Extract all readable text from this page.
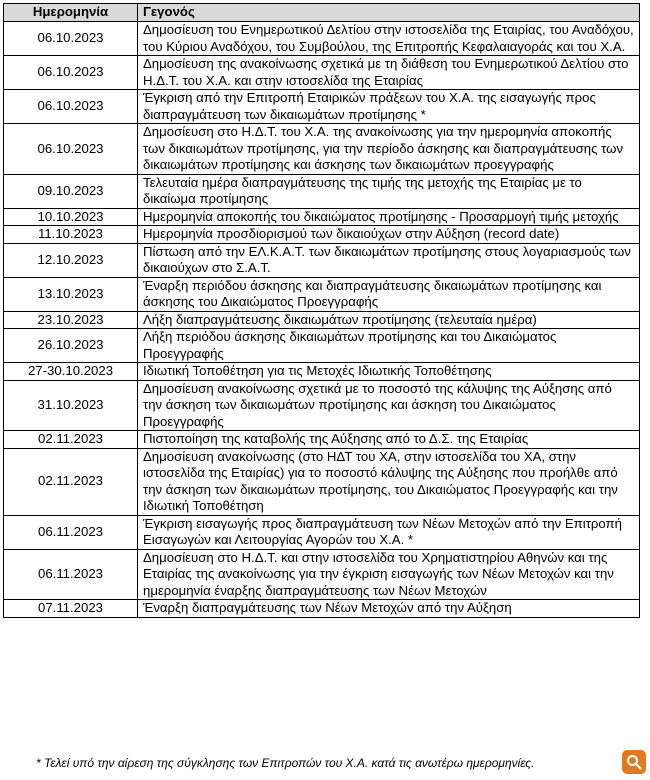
Ημερομηνία	Γεγονός
06.10.2023	Δημοσίευση του Ενημερωτικού Δελτίου στην ιστοσελίδα της Εταιρίας, του Αναδόχου, του Κύριου Αναδόχου, του Συμβούλου, της Επιτροπής Κεφαλαιαγοράς και του Χ.Α.
06.10.2023	Δημοσίευση της ανακοίνωσης σχετικά με τη διάθεση του Ενημερωτικού Δελτίου στο Η.Δ.Τ. του Χ.Α. και στην ιστοσελίδα της Εταιρίας
06.10.2023	Έγκριση από την Επιτροπή Εταιρικών πράξεων του Χ.Α. της εισαγωγής προς διαπραγμάτευση των δικαιωμάτων προτίμησης *
06.10.2023	Δημοσίευση στο Η.Δ.Τ. του Χ.Α. της ανακοίνωσης για την ημερομηνία αποκοπής των δικαιωμάτων προτίμησης, για την περίοδο άσκησης και διαπραγμάτευσης των δικαιωμάτων προτίμησης και άσκησης των δικαιωμάτων προεγγραφής
09.10.2023	Τελευταία ημέρα διαπραγμάτευσης της τιμής της μετοχής της Εταιρίας με το δικαίωμα προτίμησης
10.10.2023	Ημερομηνία αποκοπής του δικαιώματος προτίμησης - Προσαρμογή τιμής μετοχής
11.10.2023	Ημερομηνία προσδιορισμού των δικαιούχων στην Αύξηση (record date)
12.10.2023	Πίστωση από την ΕΛ.Κ.Α.Τ. των δικαιωμάτων προτίμησης στους λογαριασμούς των δικαιούχων στο Σ.Α.Τ.
13.10.2023	Έναρξη περιόδου άσκησης και διαπραγμάτευσης δικαιωμάτων προτίμησης και άσκησης του Δικαιώματος Προεγγραφής
23.10.2023	Λήξη διαπραγμάτευσης δικαιωμάτων προτίμησης (τελευταία ημέρα)
26.10.2023	Λήξη περιόδου άσκησης δικαιωμάτων προτίμησης και του Δικαιώματος Προεγγραφής
27-30.10.2023	Ιδιωτική Τοποθέτηση για τις Μετοχές Ιδιωτικής Τοποθέτησης
31.10.2023	Δημοσίευση ανακοίνωσης σχετικά με το ποσοστό της κάλυψης της Αύξησης από την άσκηση των δικαιωμάτων προτίμησης και άσκηση του Δικαιώματος Προεγγραφής
02.11.2023	Πιστοποίηση της καταβολής της Αύξησης από το Δ.Σ. της Εταιρίας
02.11.2023	Δημοσίευση ανακοίνωσης (στο ΗΔΤ του ΧΑ, στην ιστοσελίδα του ΧΑ, στην ιστοσελίδα της Εταιρίας) για το ποσοστό κάλυψης της Αύξησης που προήλθε από την άσκηση των δικαιωμάτων προτίμησης, του Δικαιώματος Προεγγραφής και την Ιδιωτική Τοποθέτηση
06.11.2023	Έγκριση εισαγωγής προς διαπραγμάτευση των Νέων Μετοχών από την Επιτροπή Εισαγωγών και Λειτουργίας Αγορών του Χ.Α. *
06.11.2023	Δημοσίευση στο Η.Δ.Τ. και στην ιστοσελίδα του Χρηματιστηρίου Αθηνών και της Εταιρίας της ανακοίνωσης για την έγκριση εισαγωγής των Νέων Μετοχών και την ημερομηνία έναρξης διαπραγμάτευσης των Νέων Μετοχών
07.11.2023	Έναρξη διαπραγμάτευσης των Νέων Μετοχών από την Αύξηση
* Τελεί υπό την αίρεση της σύγκλησης των Επιτροπών του Χ.Α. κατά τις ανωτέρω ημερομηνίες.
